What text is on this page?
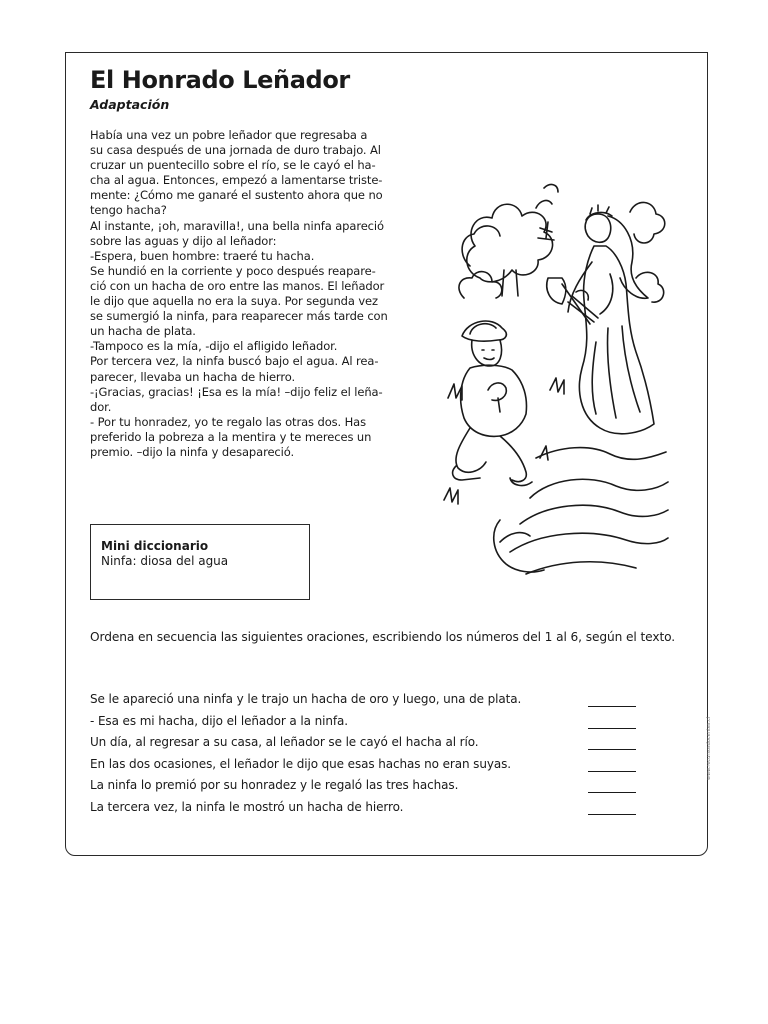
El Honrado Leñador

Adaptación

Había una vez un pobre leñador que regresaba a
su casa después de una jornada de duro trabajo. Al
cruzar un puentecillo sobre el río, se le cayó el ha-
cha al agua. Entonces, empezó a lamentarse triste-
mente: ¿Cómo me ganaré el sustento ahora que no
tengo hacha?
Al instante, ¡oh, maravilla!, una bella ninfa apareció
sobre las aguas y dijo al leñador:
-Espera, buen hombre: traeré tu hacha.
Se hundió en la corriente y poco después reapare-
ció con un hacha de oro entre las manos. El leñador
le dijo que aquella no era la suya. Por segunda vez
se sumergió la ninfa, para reaparecer más tarde con
un hacha de plata.
-Tampoco es la mía, -dijo el afligido leñador.
Por tercera vez, la ninfa buscó bajo el agua. Al rea-
parecer, llevaba un hacha de hierro.
-¡Gracias, gracias! ¡Esa es la mía! –dijo feliz el leña-
dor.
- Por tu honradez, yo te regalo las otras dos. Has
preferido la pobreza a la mentira y te mereces un
premio. –dijo la ninfa y desapareció.
Mini diccionario
Ninfa: diosa del agua

Ordena en secuencia las siguientes oraciones, escribiendo los números del 1 al 6, según el texto.

Se le apareció una ninfa y le trajo un hacha de oro y luego, una de plata.
- Esa es mi hacha, dijo el leñador a la ninfa.
Un día, al regresar a su casa, al leñador se le cayó el hacha al río.
En las dos ocasiones, el leñador le dijo que esas hachas no eran suyas.
La ninfa lo premió por su honradez y le regaló las tres hachas.
La tercera vez, la ninfa le mostró un hacha de hierro.

www.recursosdocentes.cl
